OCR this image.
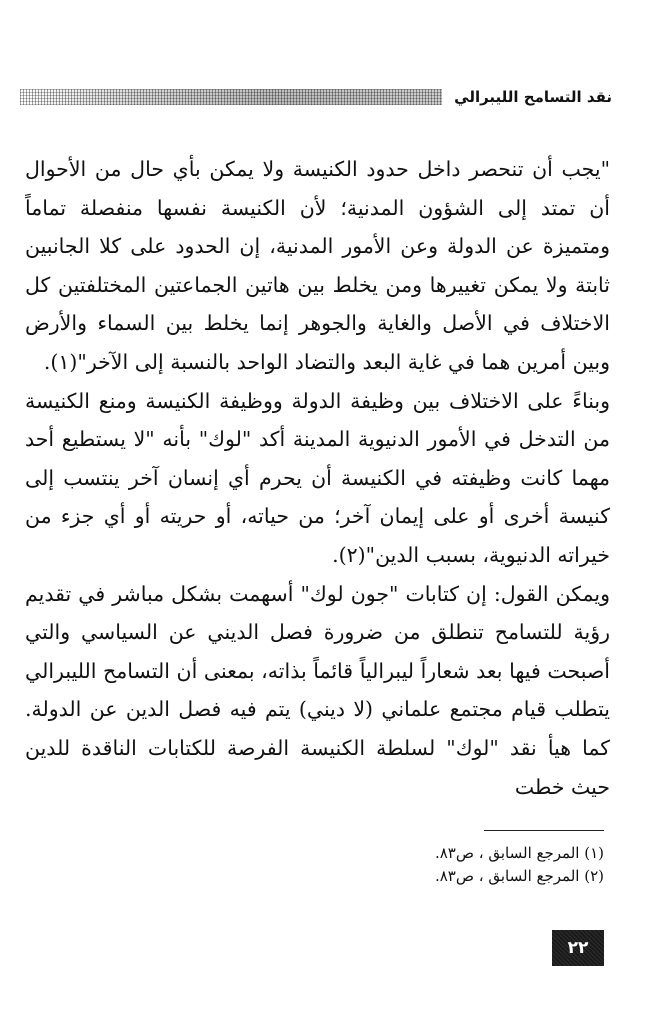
نقد التسامح الليبرالي

"يجب أن تنحصر داخل حدود الكنيسة ولا يمكن بأي حال من الأحوال أن تمتد إلى الشؤون المدنية؛ لأن الكنيسة نفسها منفصلة تماماً ومتميزة عن الدولة وعن الأمور المدنية، إن الحدود على كلا الجانبين ثابتة ولا يمكن تغييرها ومن يخلط بين هاتين الجماعتين المختلفتين كل الاختلاف في الأصل والغاية والجوهر إنما يخلط بين السماء والأرض وبين أمرين هما في غاية البعد والتضاد الواحد بالنسبة إلى الآخر"(١).

وبناءً على الاختلاف بين وظيفة الدولة ووظيفة الكنيسة ومنع الكنيسة من التدخل في الأمور الدنيوية المدينة أكد "لوك" بأنه "لا يستطيع أحد مهما كانت وظيفته في الكنيسة أن يحرم أي إنسان آخر ينتسب إلى كنيسة أخرى أو على إيمان آخر؛ من حياته، أو حريته أو أي جزء من خيراته الدنيوية، بسبب الدين"(٢).

ويمكن القول: إن كتابات "جون لوك" أسهمت بشكل مباشر في تقديم رؤية للتسامح تنطلق من ضرورة فصل الديني عن السياسي والتي أصبحت فيها بعد شعاراً ليبرالياً قائماً بذاته، بمعنى أن التسامح الليبرالي يتطلب قيام مجتمع علماني (لا ديني) يتم فيه فصل الدين عن الدولة. كما هيأ نقد "لوك" لسلطة الكنيسة الفرصة للكتابات الناقدة للدين حيث خطت

(١) المرجع السابق ، ص٨٣.
(٢) المرجع السابق ، ص٨٣.
٢٢
